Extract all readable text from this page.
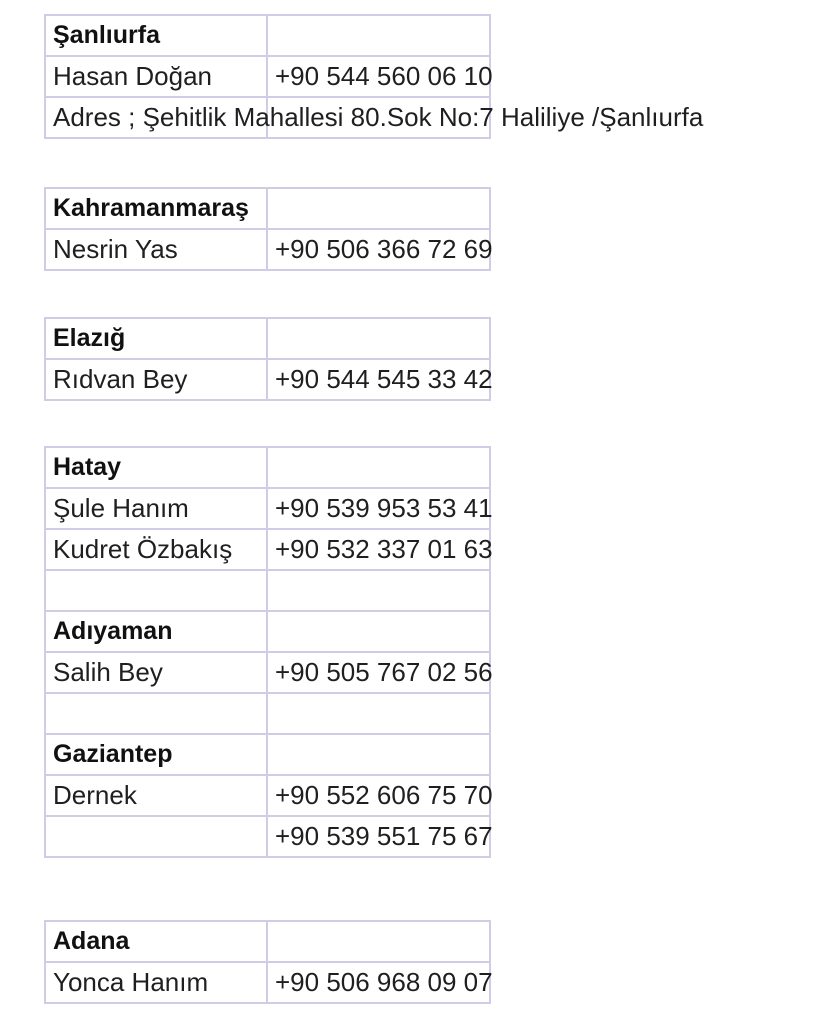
Şanlıurfa	
Hasan Doğan	+90 544 560 06 10
Adres ; Şehitlik Mahallesi 80.Sok No:7 Haliliye /Şanlıurfa	
Kahramanmaraş	
Nesrin Yas	+90 506 366 72 69
Elazığ	
Rıdvan Bey	+90 544 545 33 42
Hatay	
Şule Hanım	+90 539 953 53 41
Kudret Özbakış	+90 532 337 01 63

Adıyaman	
Salih Bey	+90 505 767 02 56

Gaziantep	
Dernek	+90 552 606 75 70
	+90 539 551 75 67
Adana	
Yonca Hanım	+90 506 968 09 07
